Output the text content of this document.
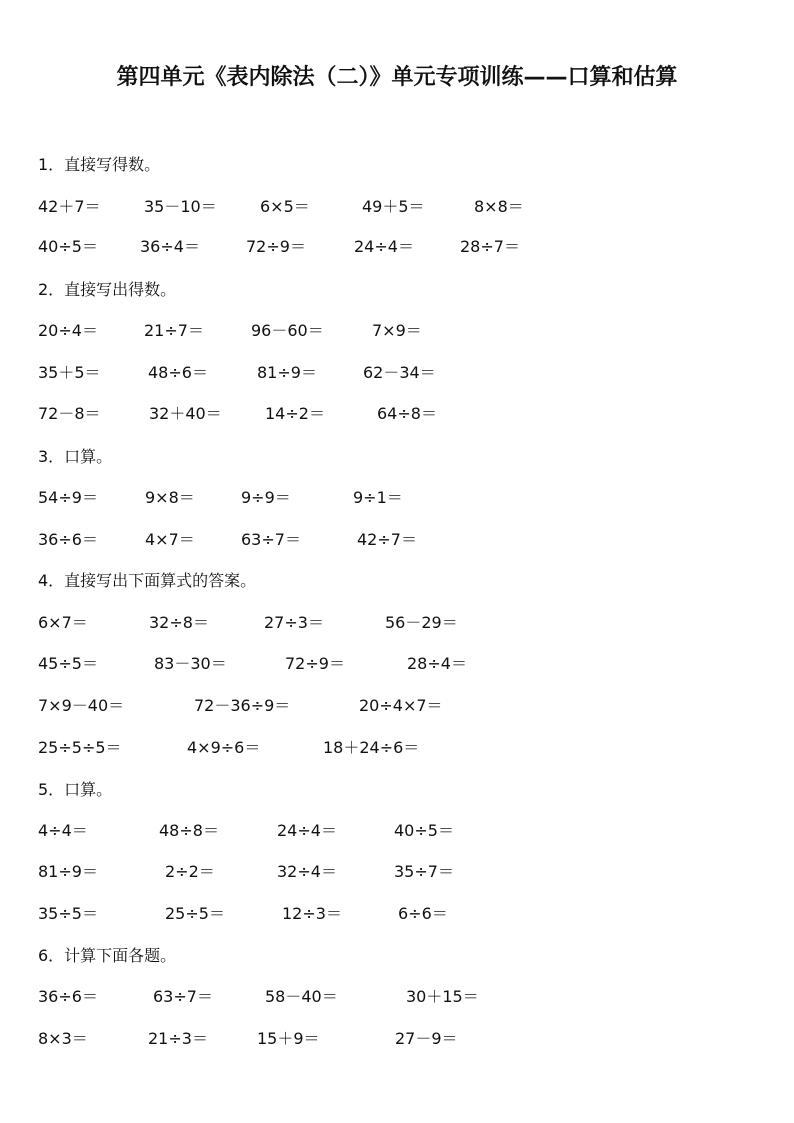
第四单元《表内除法（二）》单元专项训练——口算和估算
1．直接写得数。
42＋7＝	35－10＝	6×5＝	49＋5＝	8×8＝
40÷5＝	36÷4＝	72÷9＝	24÷4＝	28÷7＝
2．直接写出得数。
20÷4＝	21÷7＝	96－60＝	7×9＝
35＋5＝	48÷6＝	81÷9＝	62－34＝
72－8＝	32＋40＝	14÷2＝	64÷8＝
3．口算。
54÷9＝	9×8＝	9÷9＝	9÷1＝
36÷6＝	4×7＝	63÷7＝	42÷7＝
4．直接写出下面算式的答案。
6×7＝	32÷8＝	27÷3＝	56－29＝
45÷5＝	83－30＝	72÷9＝	28÷4＝
7×9－40＝	72－36÷9＝	20÷4×7＝
25÷5÷5＝	4×9÷6＝	18＋24÷6＝
5．口算。
4÷4＝	48÷8＝	24÷4＝	40÷5＝
81÷9＝	2÷2＝	32÷4＝	35÷7＝
35÷5＝	25÷5＝	12÷3＝	6÷6＝
6．计算下面各题。
36÷6＝	63÷7＝	58－40＝	30＋15＝
8×3＝	21÷3＝	15＋9＝	27－9＝
